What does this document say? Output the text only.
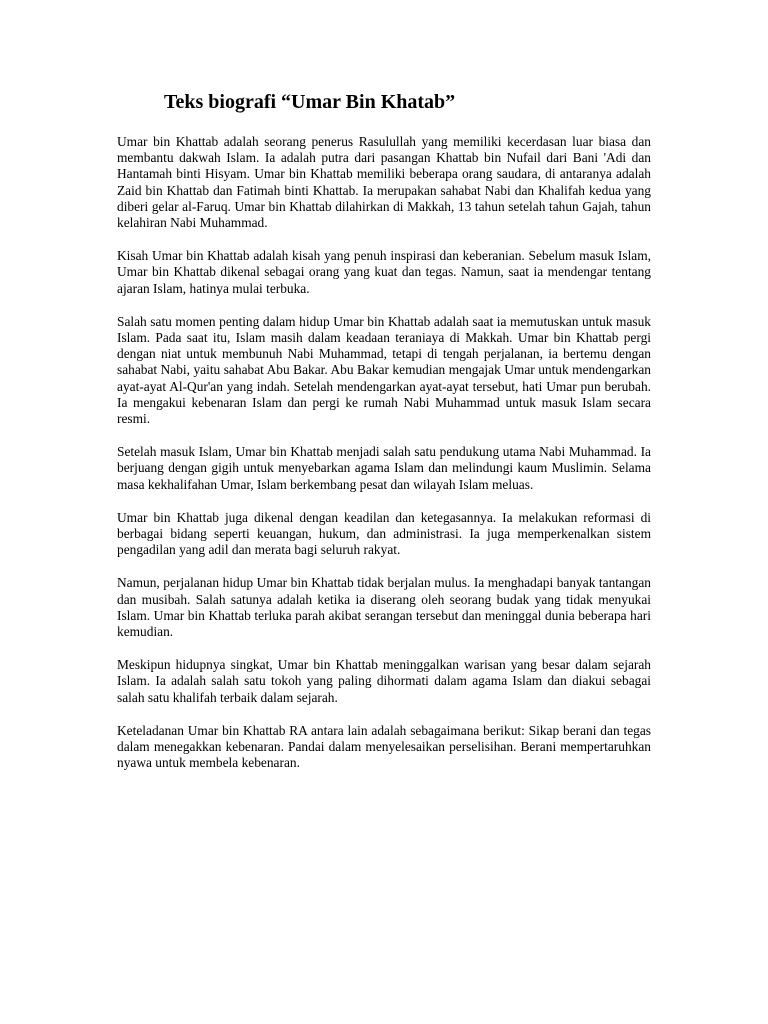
Teks biografi “Umar Bin Khatab”

Umar bin Khattab adalah seorang penerus Rasulullah yang memiliki kecerdasan luar biasa dan membantu dakwah Islam. Ia adalah putra dari pasangan Khattab bin Nufail dari Bani 'Adi dan Hantamah binti Hisyam. Umar bin Khattab memiliki beberapa orang saudara, di antaranya adalah Zaid bin Khattab dan Fatimah binti Khattab. Ia merupakan sahabat Nabi dan Khalifah kedua yang diberi gelar al-Faruq. Umar bin Khattab dilahirkan di Makkah, 13 tahun setelah tahun Gajah, tahun kelahiran Nabi Muhammad.

Kisah Umar bin Khattab adalah kisah yang penuh inspirasi dan keberanian. Sebelum masuk Islam, Umar bin Khattab dikenal sebagai orang yang kuat dan tegas. Namun, saat ia mendengar tentang ajaran Islam, hatinya mulai terbuka.

Salah satu momen penting dalam hidup Umar bin Khattab adalah saat ia memutuskan untuk masuk Islam. Pada saat itu, Islam masih dalam keadaan teraniaya di Makkah. Umar bin Khattab pergi dengan niat untuk membunuh Nabi Muhammad, tetapi di tengah perjalanan, ia bertemu dengan sahabat Nabi, yaitu sahabat Abu Bakar. Abu Bakar kemudian mengajak Umar untuk mendengarkan ayat-ayat Al-Qur'an yang indah. Setelah mendengarkan ayat-ayat tersebut, hati Umar pun berubah. Ia mengakui kebenaran Islam dan pergi ke rumah Nabi Muhammad untuk masuk Islam secara resmi.

Setelah masuk Islam, Umar bin Khattab menjadi salah satu pendukung utama Nabi Muhammad. Ia berjuang dengan gigih untuk menyebarkan agama Islam dan melindungi kaum Muslimin. Selama masa kekhalifahan Umar, Islam berkembang pesat dan wilayah Islam meluas.

Umar bin Khattab juga dikenal dengan keadilan dan ketegasannya. Ia melakukan reformasi di berbagai bidang seperti keuangan, hukum, dan administrasi. Ia juga memperkenalkan sistem pengadilan yang adil dan merata bagi seluruh rakyat.

Namun, perjalanan hidup Umar bin Khattab tidak berjalan mulus. Ia menghadapi banyak tantangan dan musibah. Salah satunya adalah ketika ia diserang oleh seorang budak yang tidak menyukai Islam. Umar bin Khattab terluka parah akibat serangan tersebut dan meninggal dunia beberapa hari kemudian.

Meskipun hidupnya singkat, Umar bin Khattab meninggalkan warisan yang besar dalam sejarah Islam. Ia adalah salah satu tokoh yang paling dihormati dalam agama Islam dan diakui sebagai salah satu khalifah terbaik dalam sejarah.

Keteladanan Umar bin Khattab RA antara lain adalah sebagaimana berikut: Sikap berani dan tegas dalam menegakkan kebenaran. Pandai dalam menyelesaikan perselisihan. Berani mempertaruhkan nyawa untuk membela kebenaran.
